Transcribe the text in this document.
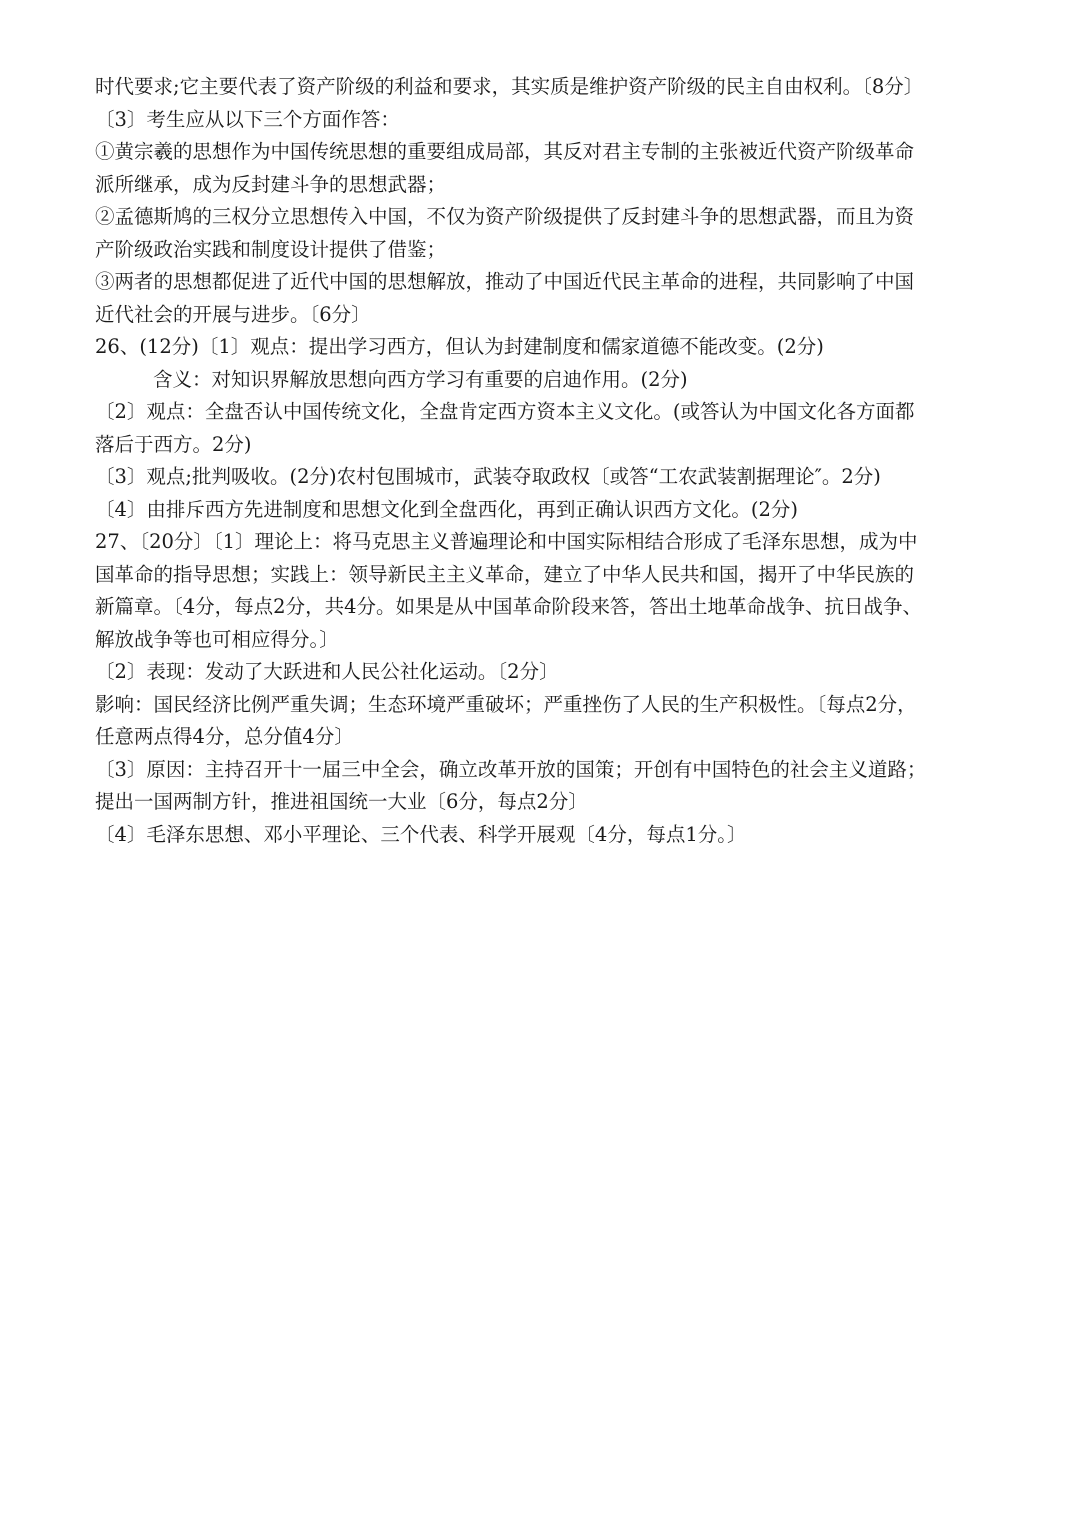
时代要求;它主要代表了资产阶级的利益和要求，其实质是维护资产阶级的民主自由权利。〔8分〕
〔3〕考生应从以下三个方面作答：
①黄宗羲的思想作为中国传统思想的重要组成局部，其反对君主专制的主张被近代资产阶级革命
派所继承，成为反封建斗争的思想武器；
②孟德斯鸠的三权分立思想传入中国，不仅为资产阶级提供了反封建斗争的思想武器，而且为资
产阶级政治实践和制度设计提供了借鉴；
③两者的思想都促进了近代中国的思想解放，推动了中国近代民主革命的进程，共同影响了中国
近代社会的开展与进步。〔6分〕
26、(12分)〔1〕观点：提出学习西方，但认为封建制度和儒家道德不能改变。(2分)
含义：对知识界解放思想向西方学习有重要的启迪作用。(2分)
〔2〕观点：全盘否认中国传统文化，全盘肯定西方资本主义文化。(或答认为中国文化各方面都
落后于西方。2分)
〔3〕观点;批判吸收。(2分)农村包围城市，武装夺取政权〔或答“工农武装割据理论″。2分)
〔4〕由排斥西方先进制度和思想文化到全盘西化，再到正确认识西方文化。(2分)
27、〔20分〕〔1〕理论上：将马克思主义普遍理论和中国实际相结合形成了毛泽东思想，成为中
国革命的指导思想；实践上：领导新民主主义革命，建立了中华人民共和国，揭开了中华民族的
新篇章。〔4分，每点2分，共4分。如果是从中国革命阶段来答，答出土地革命战争、抗日战争、
解放战争等也可相应得分。〕
〔2〕表现：发动了大跃进和人民公社化运动。〔2分〕
影响：国民经济比例严重失调；生态环境严重破坏；严重挫伤了人民的生产积极性。〔每点2分，
任意两点得4分，总分值4分〕
〔3〕原因：主持召开十一届三中全会，确立改革开放的国策；开创有中国特色的社会主义道路；
提出一国两制方针，推进祖国统一大业〔6分，每点2分〕
〔4〕毛泽东思想、邓小平理论、三个代表、科学开展观〔4分，每点1分。〕
